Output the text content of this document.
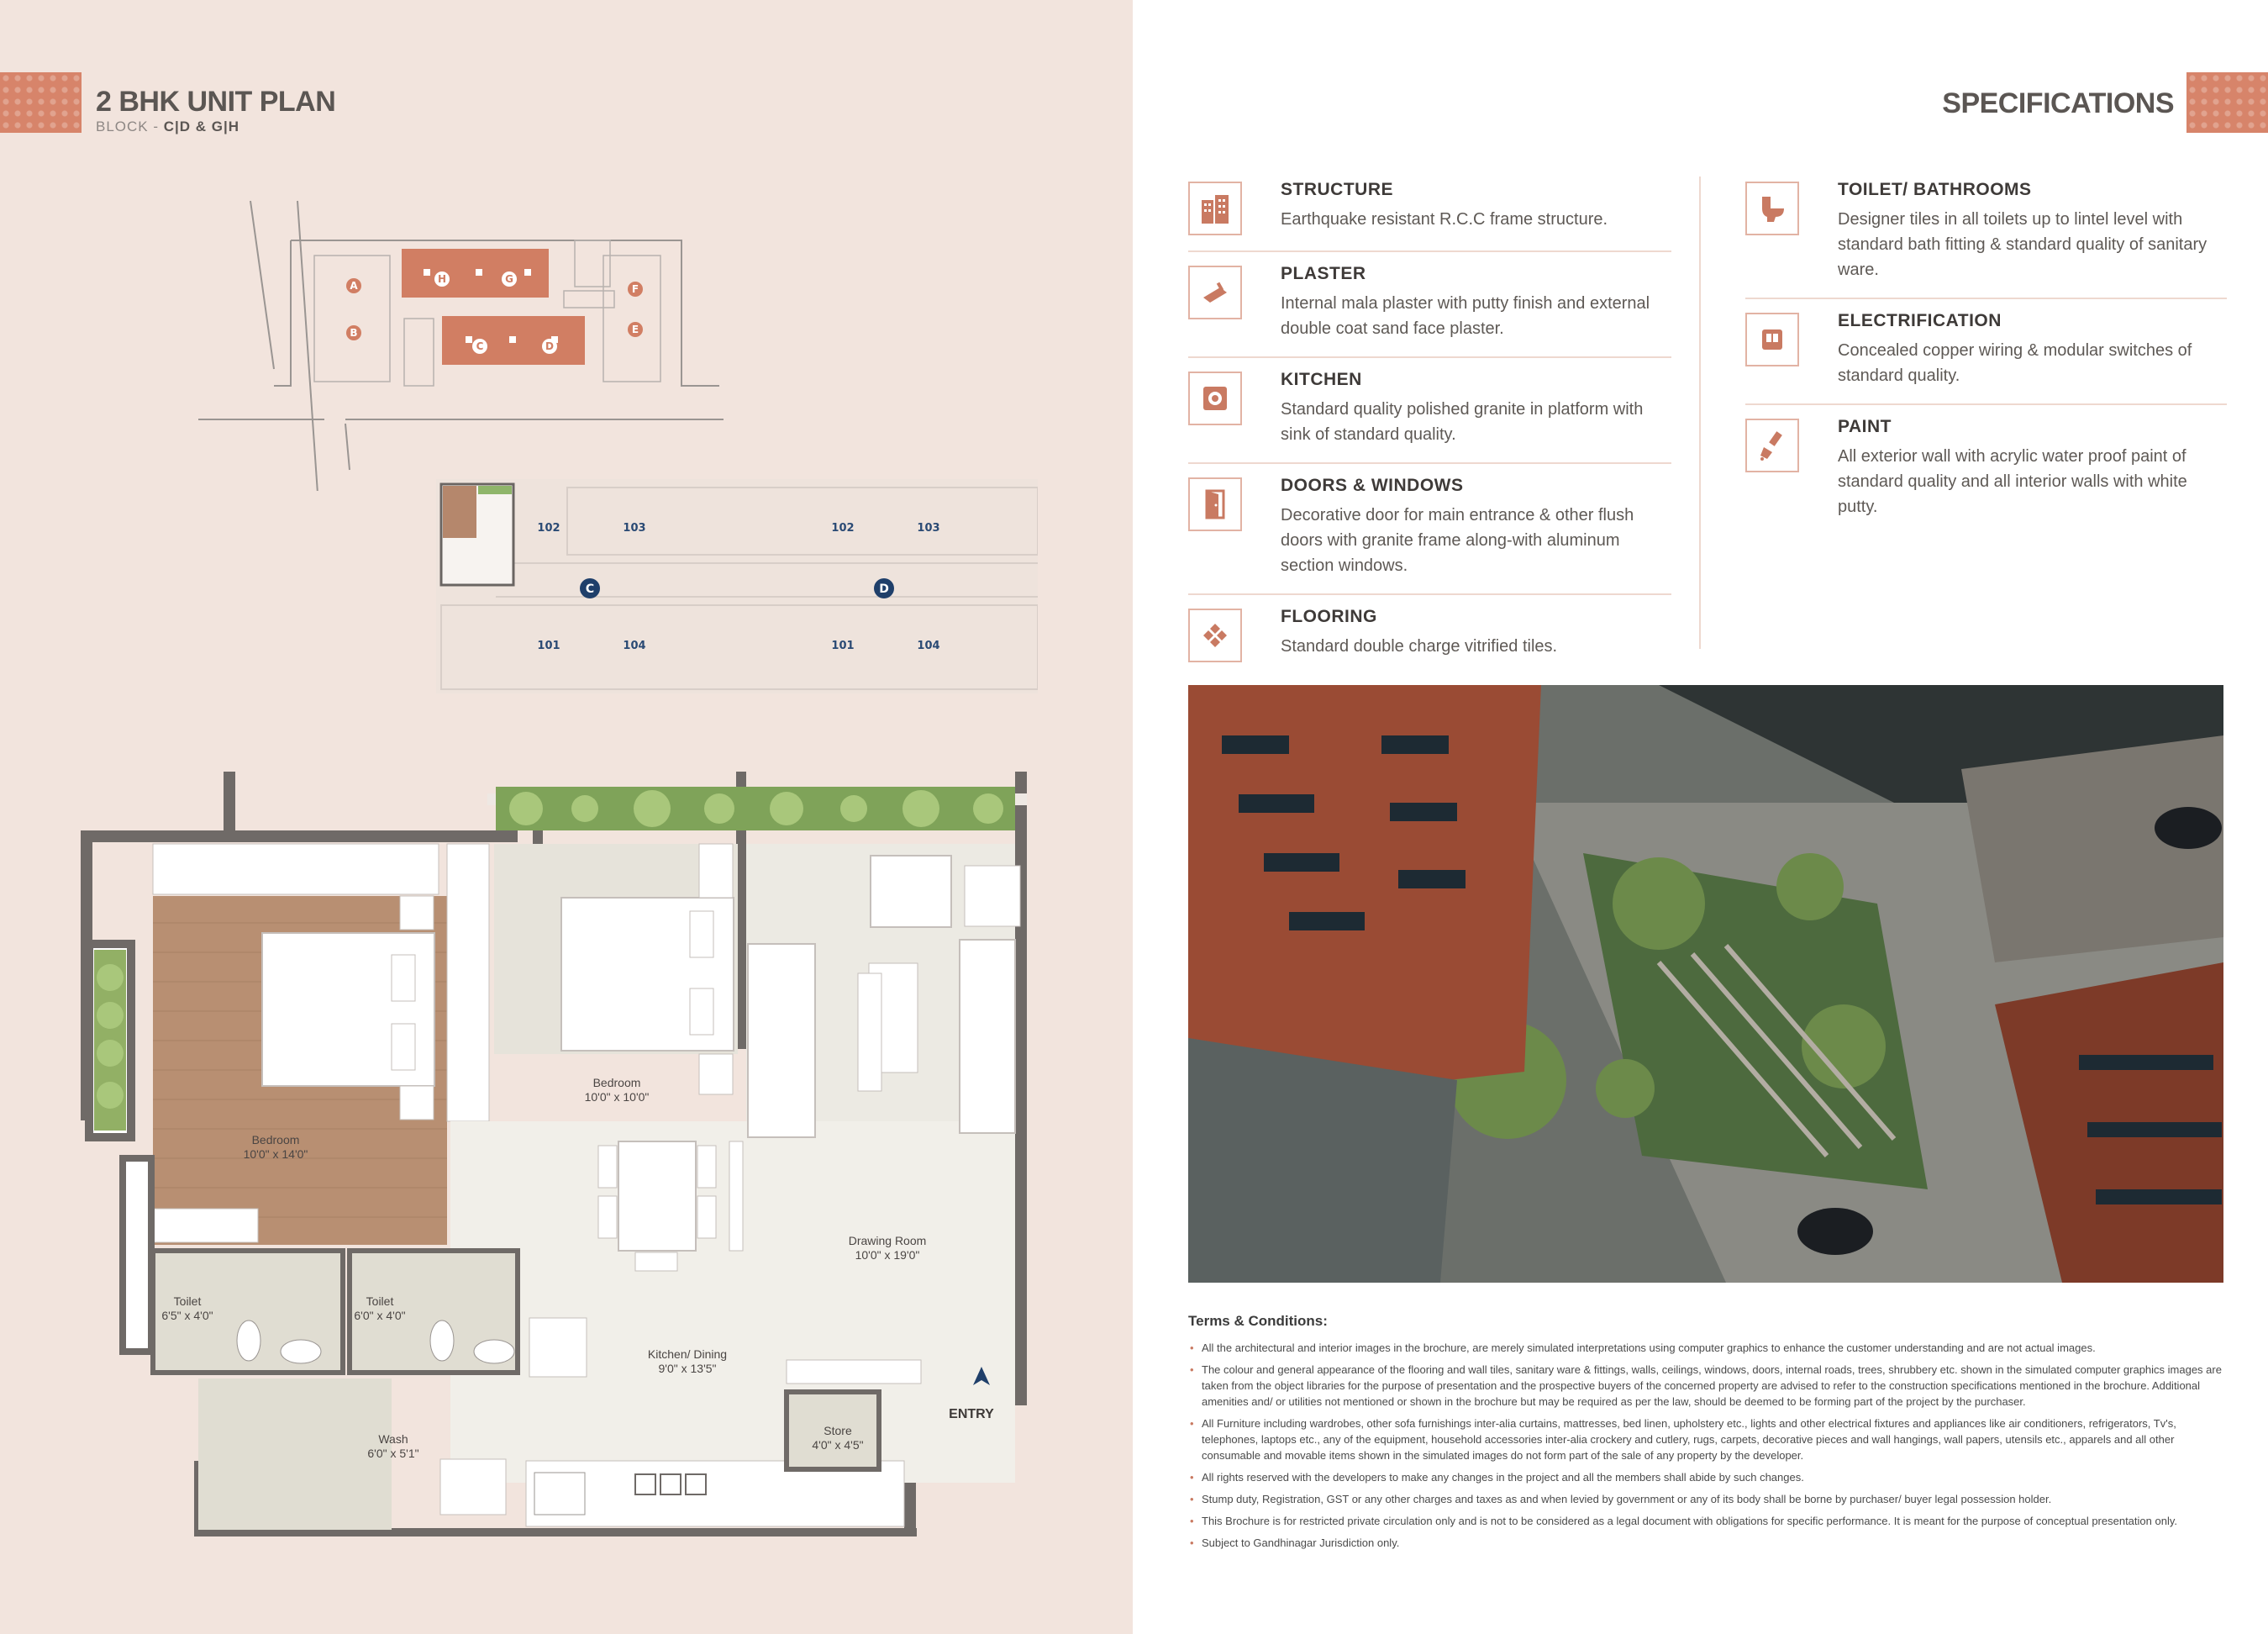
2 BHK UNIT PLAN
BLOCK - C|D & G|H
H	G
C	D
A
B
F
E
102	103	102	103
101	104	101	104
C	D
Bedroom
10'0" x 14'0"
Bedroom
10'0" x 10'0"
Drawing Room
10'0" x 19'0"
Kitchen/ Dining
9'0" x 13'5"
Toilet
6'5" x 4'0"
Toilet
6'0" x 4'0"
Wash
6'0" x 5'1"
Store
4'0" x 4'5"
ENTRY
SPECIFICATIONS
STRUCTURE
Earthquake resistant R.C.C frame structure.
PLASTER
Internal mala plaster with putty finish and external double coat sand face plaster.
KITCHEN
Standard quality polished granite in platform with sink of standard quality.
DOORS & WINDOWS
Decorative door for main entrance & other flush doors with granite frame along-with aluminum section windows.
FLOORING
Standard double charge vitrified tiles.
TOILET/ BATHROOMS
Designer tiles in all toilets up to lintel level with standard bath fitting & standard quality of sanitary ware.
ELECTRIFICATION
Concealed copper wiring & modular switches of standard quality.
PAINT
All exterior wall with acrylic water proof paint of standard quality and all interior walls with white putty.
Terms & Conditions:
• All the architectural and interior images in the brochure, are merely simulated interpretations using computer graphics to enhance the customer understanding and are not actual images.
• The colour and general appearance of the flooring and wall tiles, sanitary ware & fittings, walls, ceilings, windows, doors, internal roads, trees, shrubbery etc. shown in the simulated computer graphics images are taken from the object libraries for the purpose of presentation and the prospective buyers of the concerned property are advised to refer to the construction specifications mentioned in the brochure. Additional amenities and/ or utilities not mentioned or shown in the brochure but may be required as per the law, should be deemed to be forming part of the project by the purchaser.
• All Furniture including wardrobes, other sofa furnishings inter-alia curtains, mattresses, bed linen, upholstery etc., lights and other electrical fixtures and appliances like air conditioners, refrigerators, Tv's, telephones, laptops etc., any of the equipment, household accessories inter-alia crockery and cutlery, rugs, carpets, decorative pieces and wall hangings, wall papers, utensils etc., apparels and all other consumable and movable items shown in the simulated images do not form part of the sale of any property by the developer.
• All rights reserved with the developers to make any changes in the project and all the members shall abide by such changes.
• Stump duty, Registration, GST or any other charges and taxes as and when levied by government or any of its body shall be borne by purchaser/ buyer legal possession holder.
• This Brochure is for restricted private circulation only and is not to be considered as a legal document with obligations for specific performance. It is meant for the purpose of conceptual presentation only.
• Subject to Gandhinagar Jurisdiction only.
